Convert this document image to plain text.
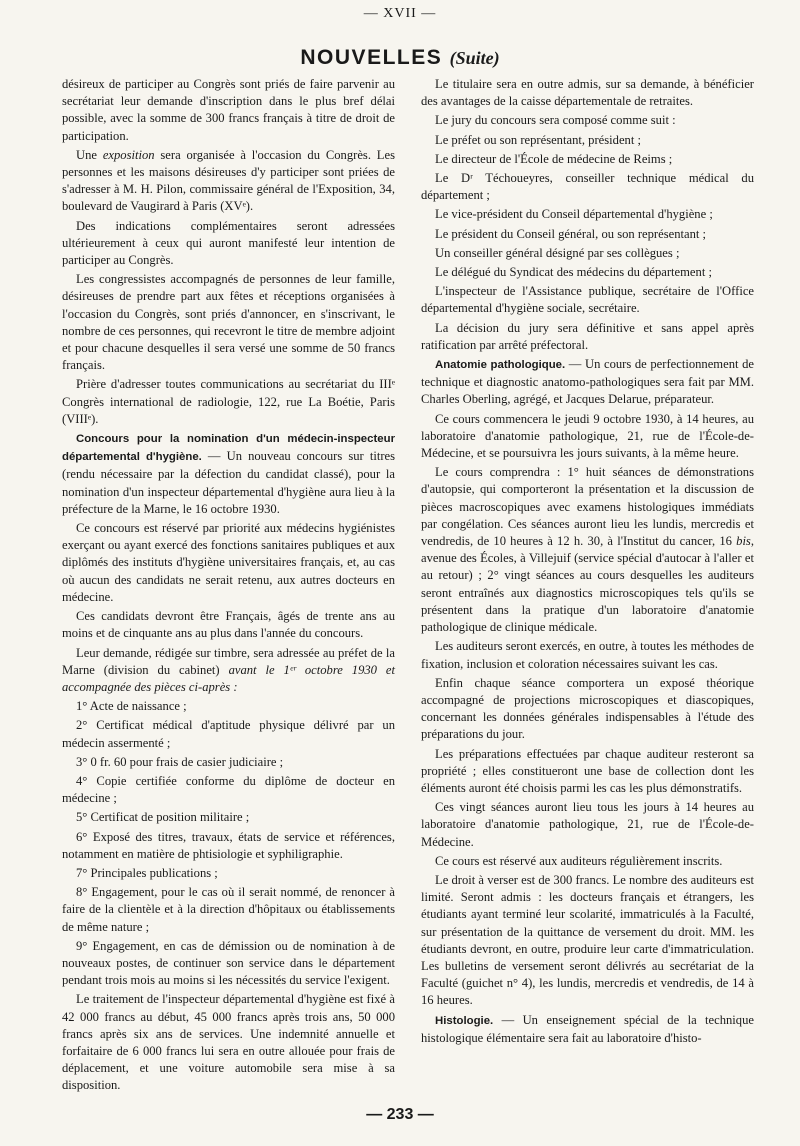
— XVII —
NOUVELLES (Suite)

désireux de participer au Congrès sont priés de faire parvenir au secrétariat leur demande d'inscription dans le plus bref délai possible, avec la somme de 300 francs français à titre de droit de participation.

Une exposition sera organisée à l'occasion du Congrès. Les personnes et les maisons désireuses d'y participer sont priées de s'adresser à M. H. Pilon, commissaire général de l'Exposition, 34, boulevard de Vaugirard à Paris (XVᵉ).

Des indications complémentaires seront adressées ultérieurement à ceux qui auront manifesté leur intention de participer au Congrès.

Les congressistes accompagnés de personnes de leur famille, désireuses de prendre part aux fêtes et réceptions organisées à l'occasion du Congrès, sont priés d'annoncer, en s'inscrivant, le nombre de ces personnes, qui recevront le titre de membre adjoint et pour chacune desquelles il sera versé une somme de 50 francs français.

Prière d'adresser toutes communications au secrétariat du IIIᵉ Congrès international de radiologie, 122, rue La Boétie, Paris (VIIIᵉ).

Concours pour la nomination d'un médecin-inspecteur départemental d'hygiène. — Un nouveau concours sur titres (rendu nécessaire par la défection du candidat classé), pour la nomination d'un inspecteur départemental d'hygiène aura lieu à la préfecture de la Marne, le 16 octobre 1930.

Ce concours est réservé par priorité aux médecins hygiénistes exerçant ou ayant exercé des fonctions sanitaires publiques et aux diplômés des instituts d'hygiène universitaires français, et, au cas où aucun des candidats ne serait retenu, aux autres docteurs en médecine.

Ces candidats devront être Français, âgés de trente ans au moins et de cinquante ans au plus dans l'année du concours.

Leur demande, rédigée sur timbre, sera adressée au préfet de la Marne (division du cabinet) avant le 1ᵉʳ octobre 1930 et accompagnée des pièces ci-après :

1° Acte de naissance ;

2° Certificat médical d'aptitude physique délivré par un médecin assermenté ;

3° 0 fr. 60 pour frais de casier judiciaire ;

4° Copie certifiée conforme du diplôme de docteur en médecine ;

5° Certificat de position militaire ;

6° Exposé des titres, travaux, états de service et références, notamment en matière de phtisiologie et syphiligraphie.

7° Principales publications ;

8° Engagement, pour le cas où il serait nommé, de renoncer à faire de la clientèle et à la direction d'hôpitaux ou établissements de même nature ;

9° Engagement, en cas de démission ou de nomination à de nouveaux postes, de continuer son service dans le département pendant trois mois au moins si les nécessités du service l'exigent.

Le traitement de l'inspecteur départemental d'hygiène est fixé à 42 000 francs au début, 45 000 francs après trois ans, 50 000 francs après six ans de services. Une indemnité annuelle et forfaitaire de 6 000 francs lui sera en outre allouée pour frais de déplacement, et une voiture automobile sera mise à sa disposition.

Le titulaire sera en outre admis, sur sa demande, à bénéficier des avantages de la caisse départementale de retraites.

Le jury du concours sera composé comme suit :

Le préfet ou son représentant, président ;

Le directeur de l'École de médecine de Reims ;

Le Dʳ Téchoueyres, conseiller technique médical du département ;

Le vice-président du Conseil départemental d'hygiène ;

Le président du Conseil général, ou son représentant ;

Un conseiller général désigné par ses collègues ;

Le délégué du Syndicat des médecins du département ;

L'inspecteur de l'Assistance publique, secrétaire de l'Office départemental d'hygiène sociale, secrétaire.

La décision du jury sera définitive et sans appel après ratification par arrêté préfectoral.

Anatomie pathologique. — Un cours de perfectionnement de technique et diagnostic anatomo-pathologiques sera fait par MM. Charles Oberling, agrégé, et Jacques Delarue, préparateur.

Ce cours commencera le jeudi 9 octobre 1930, à 14 heures, au laboratoire d'anatomie pathologique, 21, rue de l'École-de-Médecine, et se poursuivra les jours suivants, à la même heure.

Le cours comprendra : 1° huit séances de démonstrations d'autopsie, qui comporteront la présentation et la discussion de pièces macroscopiques avec examens histologiques immédiats par congélation. Ces séances auront lieu les lundis, mercredis et vendredis, de 10 heures à 12 h. 30, à l'Institut du cancer, 16 bis, avenue des Écoles, à Villejuif (service spécial d'autocar à l'aller et au retour) ; 2° vingt séances au cours desquelles les auditeurs seront entraînés aux diagnostics microscopiques tels qu'ils se présentent dans la pratique d'un laboratoire d'anatomie pathologique de clinique médicale.

Les auditeurs seront exercés, en outre, à toutes les méthodes de fixation, inclusion et coloration nécessaires suivant les cas.

Enfin chaque séance comportera un exposé théorique accompagné de projections microscopiques et diascopiques, concernant les données générales indispensables à l'étude des préparations du jour.

Les préparations effectuées par chaque auditeur resteront sa propriété ; elles constitueront une base de collection dont les éléments auront été choisis parmi les cas les plus démonstratifs.

Ces vingt séances auront lieu tous les jours à 14 heures au laboratoire d'anatomie pathologique, 21, rue de l'École-de-Médecine.

Ce cours est réservé aux auditeurs régulièrement inscrits.

Le droit à verser est de 300 francs. Le nombre des auditeurs est limité. Seront admis : les docteurs français et étrangers, les étudiants ayant terminé leur scolarité, immatriculés à la Faculté, sur présentation de la quittance de versement du droit. MM. les étudiants devront, en outre, produire leur carte d'immatriculation. Les bulletins de versement seront délivrés au secrétariat de la Faculté (guichet n° 4), les lundis, mercredis et vendredis, de 14 à 16 heures.

Histologie. — Un enseignement spécial de la technique histologique élémentaire sera fait au laboratoire d'histo-

— 233 —
